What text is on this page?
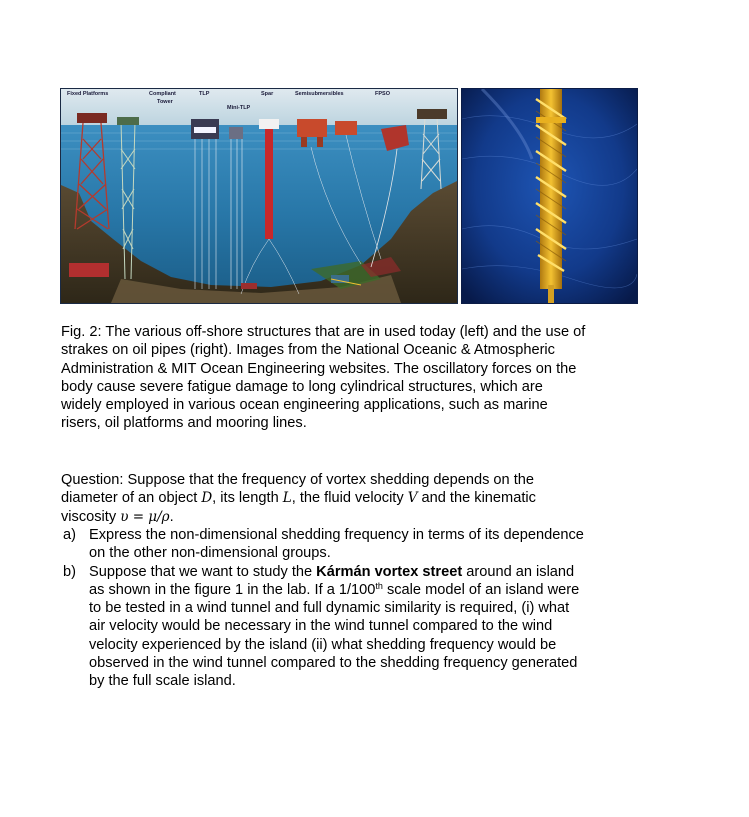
Fixed Platforms	Compliant
Tower
TLP
Mini-TLP
Spar	Semisubmersibles	FPSO
Fig. 2: The various off-shore structures that are in used today (left) and the use of
strakes on oil pipes (right). Images from the National Oceanic & Atmospheric
Administration & MIT Ocean Engineering websites. The oscillatory forces on the
body cause severe fatigue damage to long cylindrical structures, which are
widely employed in various ocean engineering applications, such as marine
risers, oil platforms and mooring lines.
Question: Suppose that the frequency of vortex shedding depends on the
diameter of an object D, its length L, the fluid velocity V and the kinematic
viscosity υ = μ/ρ.
a) Express the non-dimensional shedding frequency in terms of its dependence
on the other non-dimensional groups.
b) Suppose that we want to study the Kármán vortex street around an island
as shown in the figure 1 in the lab. If a 1/100th scale model of an island were
to be tested in a wind tunnel and full dynamic similarity is required, (i) what
air velocity would be necessary in the wind tunnel compared to the wind
velocity experienced by the island (ii) what shedding frequency would be
observed in the wind tunnel compared to the shedding frequency generated
by the full scale island.
